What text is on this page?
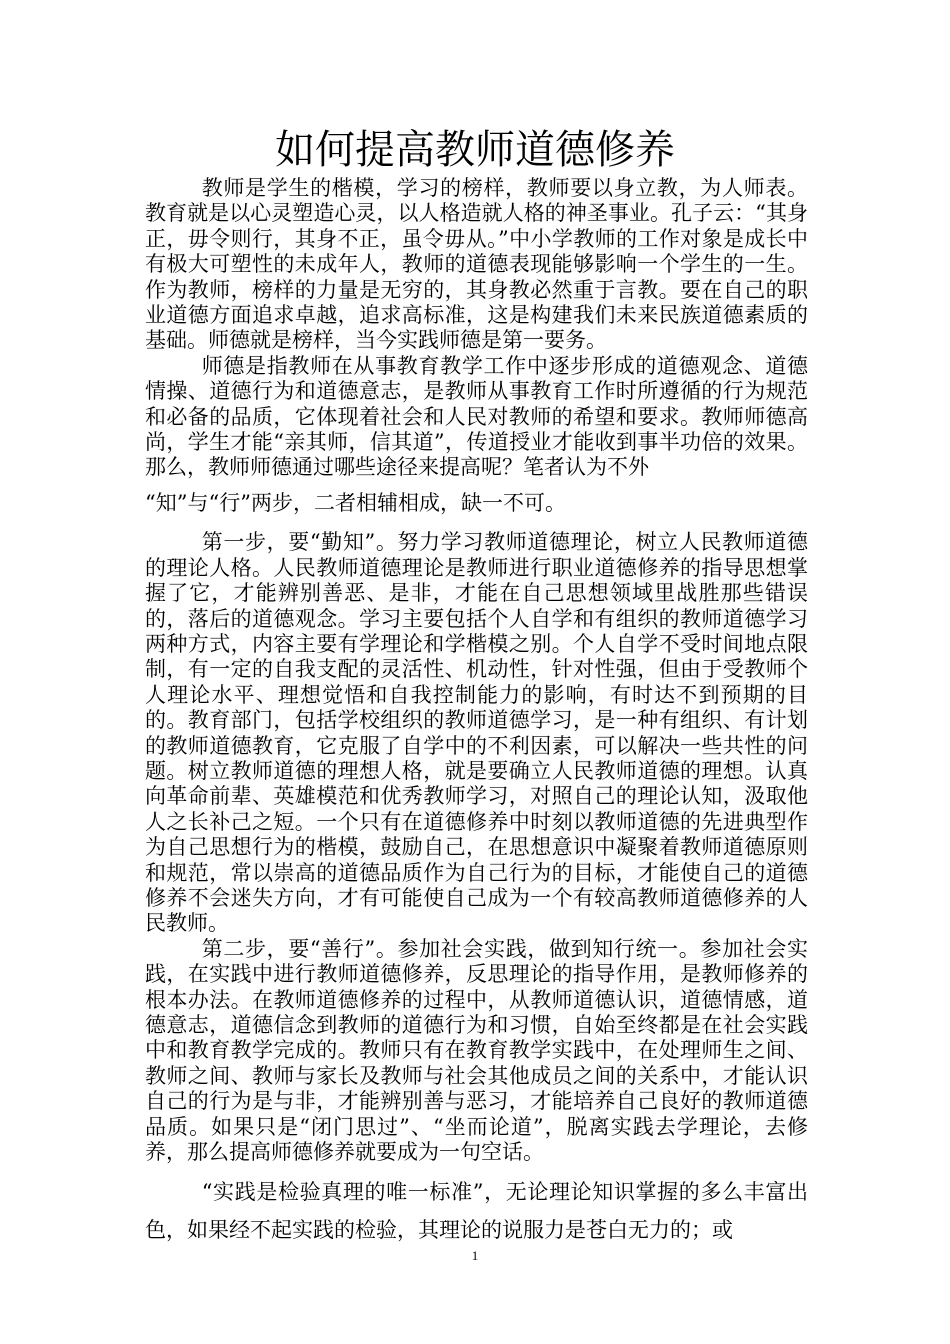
如何提高教师道德修养

教师是学生的楷模，学习的榜样，教师要以身立教，为人师表。教育就是以心灵塑造心灵，以人格造就人格的神圣事业。孔子云：“其身正，毋令则行，其身不正，虽令毋从。”中小学教师的工作对象是成长中有极大可塑性的未成年人，教师的道德表现能够影响一个学生的一生。作为教师，榜样的力量是无穷的，其身教必然重于言教。要在自己的职业道德方面追求卓越，追求高标准，这是构建我们未来民族道德素质的基础。师德就是榜样，当今实践师德是第一要务。

师德是指教师在从事教育教学工作中逐步形成的道德观念、道德情操、道德行为和道德意志，是教师从事教育工作时所遵循的行为规范和必备的品质，它体现着社会和人民对教师的希望和要求。教师师德高尚，学生才能“亲其师，信其道”，传道授业才能收到事半功倍的效果。那么，教师师德通过哪些途径来提高呢？笔者认为不外

“知”与“行”两步，二者相辅相成，缺一不可。

第一步，要“勤知”。努力学习教师道德理论，树立人民教师道德的理论人格。人民教师道德理论是教师进行职业道德修养的指导思想掌握了它，才能辨别善恶、是非，才能在自己思想领域里战胜那些错误的，落后的道德观念。学习主要包括个人自学和有组织的教师道德学习两种方式，内容主要有学理论和学楷模之别。个人自学不受时间地点限制，有一定的自我支配的灵活性、机动性，针对性强，但由于受教师个人理论水平、理想觉悟和自我控制能力的影响，有时达不到预期的目的。教育部门，包括学校组织的教师道德学习，是一种有组织、有计划的教师道德教育，它克服了自学中的不利因素，可以解决一些共性的问题。树立教师道德的理想人格，就是要确立人民教师道德的理想。认真向革命前辈、英雄模范和优秀教师学习，对照自己的理论认知，汲取他人之长补己之短。一个只有在道德修养中时刻以教师道德的先进典型作为自己思想行为的楷模，鼓励自己，在思想意识中凝聚着教师道德原则和规范，常以崇高的道德品质作为自己行为的目标，才能使自己的道德修养不会迷失方向，才有可能使自己成为一个有较高教师道德修养的人民教师。

第二步，要“善行”。参加社会实践，做到知行统一。参加社会实践，在实践中进行教师道德修养，反思理论的指导作用，是教师修养的根本办法。在教师道德修养的过程中，从教师道德认识，道德情感，道德意志，道德信念到教师的道德行为和习惯，自始至终都是在社会实践中和教育教学完成的。教师只有在教育教学实践中，在处理师生之间、教师之间、教师与家长及教师与社会其他成员之间的关系中，才能认识自己的行为是与非，才能辨别善与恶习，才能培养自己良好的教师道德品质。如果只是“闭门思过”、“坐而论道”，脱离实践去学理论，去修养，那么提高师德修养就要成为一句空话。

“实践是检验真理的唯一标准”，无论理论知识掌握的多么丰富出色，如果经不起实践的检验，其理论的说服力是苍白无力的；或

1
